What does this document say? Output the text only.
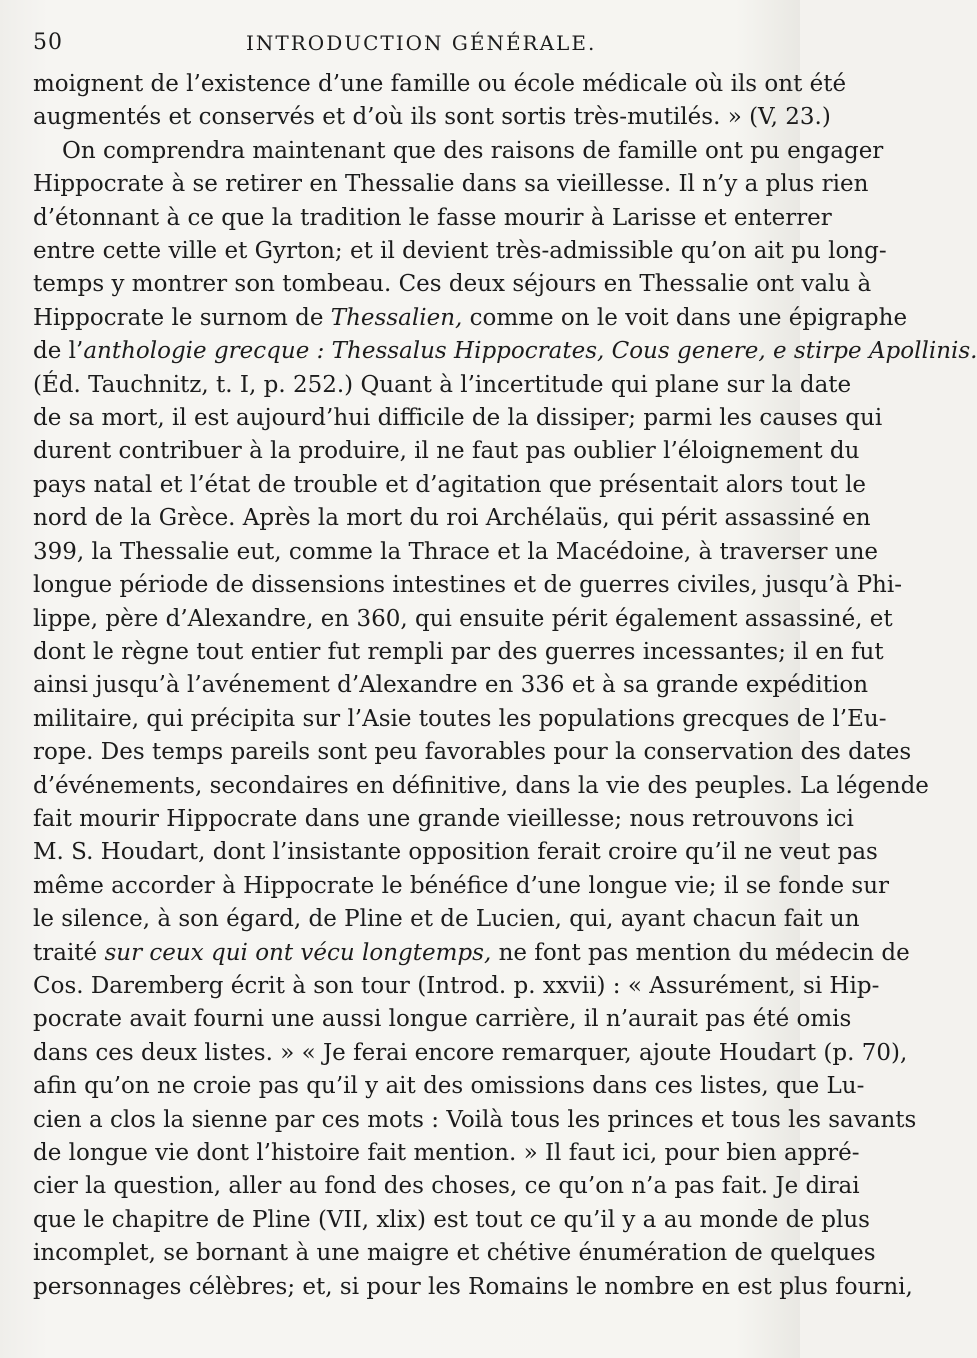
50	INTRODUCTION GÉNÉRALE.
moignent de l’existence d’une famille ou école médicale où ils ont été
augmentés et conservés et d’où ils sont sortis très-mutilés. » (V, 23.)
On comprendra maintenant que des raisons de famille ont pu engager
Hippocrate à se retirer en Thessalie dans sa vieillesse. Il n’y a plus rien
d’étonnant à ce que la tradition le fasse mourir à Larisse et enterrer
entre cette ville et Gyrton; et il devient très-admissible qu’on ait pu long-
temps y montrer son tombeau. Ces deux séjours en Thessalie ont valu à
Hippocrate le surnom de Thessalien, comme on le voit dans une épigraphe
de l’anthologie grecque : Thessalus Hippocrates, Cous genere, e stirpe Apollinis.
(Éd. Tauchnitz, t. I, p. 252.) Quant à l’incertitude qui plane sur la date
de sa mort, il est aujourd’hui difficile de la dissiper; parmi les causes qui
durent contribuer à la produire, il ne faut pas oublier l’éloignement du
pays natal et l’état de trouble et d’agitation que présentait alors tout le
nord de la Grèce. Après la mort du roi Archélaüs, qui périt assassiné en
399, la Thessalie eut, comme la Thrace et la Macédoine, à traverser une
longue période de dissensions intestines et de guerres civiles, jusqu’à Phi-
lippe, père d’Alexandre, en 360, qui ensuite périt également assassiné, et
dont le règne tout entier fut rempli par des guerres incessantes; il en fut
ainsi jusqu’à l’avénement d’Alexandre en 336 et à sa grande expédition
militaire, qui précipita sur l’Asie toutes les populations grecques de l’Eu-
rope. Des temps pareils sont peu favorables pour la conservation des dates
d’événements, secondaires en définitive, dans la vie des peuples. La légende
fait mourir Hippocrate dans une grande vieillesse; nous retrouvons ici
M. S. Houdart, dont l’insistante opposition ferait croire qu’il ne veut pas
même accorder à Hippocrate le bénéfice d’une longue vie; il se fonde sur
le silence, à son égard, de Pline et de Lucien, qui, ayant chacun fait un
traité sur ceux qui ont vécu longtemps, ne font pas mention du médecin de
Cos. Daremberg écrit à son tour (Introd. p. xxvii) : « Assurément, si Hip-
pocrate avait fourni une aussi longue carrière, il n’aurait pas été omis
dans ces deux listes. » « Je ferai encore remarquer, ajoute Houdart (p. 70),
afin qu’on ne croie pas qu’il y ait des omissions dans ces listes, que Lu-
cien a clos la sienne par ces mots : Voilà tous les princes et tous les savants
de longue vie dont l’histoire fait mention. » Il faut ici, pour bien appré-
cier la question, aller au fond des choses, ce qu’on n’a pas fait. Je dirai
que le chapitre de Pline (VII, xlix) est tout ce qu’il y a au monde de plus
incomplet, se bornant à une maigre et chétive énumération de quelques
personnages célèbres; et, si pour les Romains le nombre en est plus fourni,
